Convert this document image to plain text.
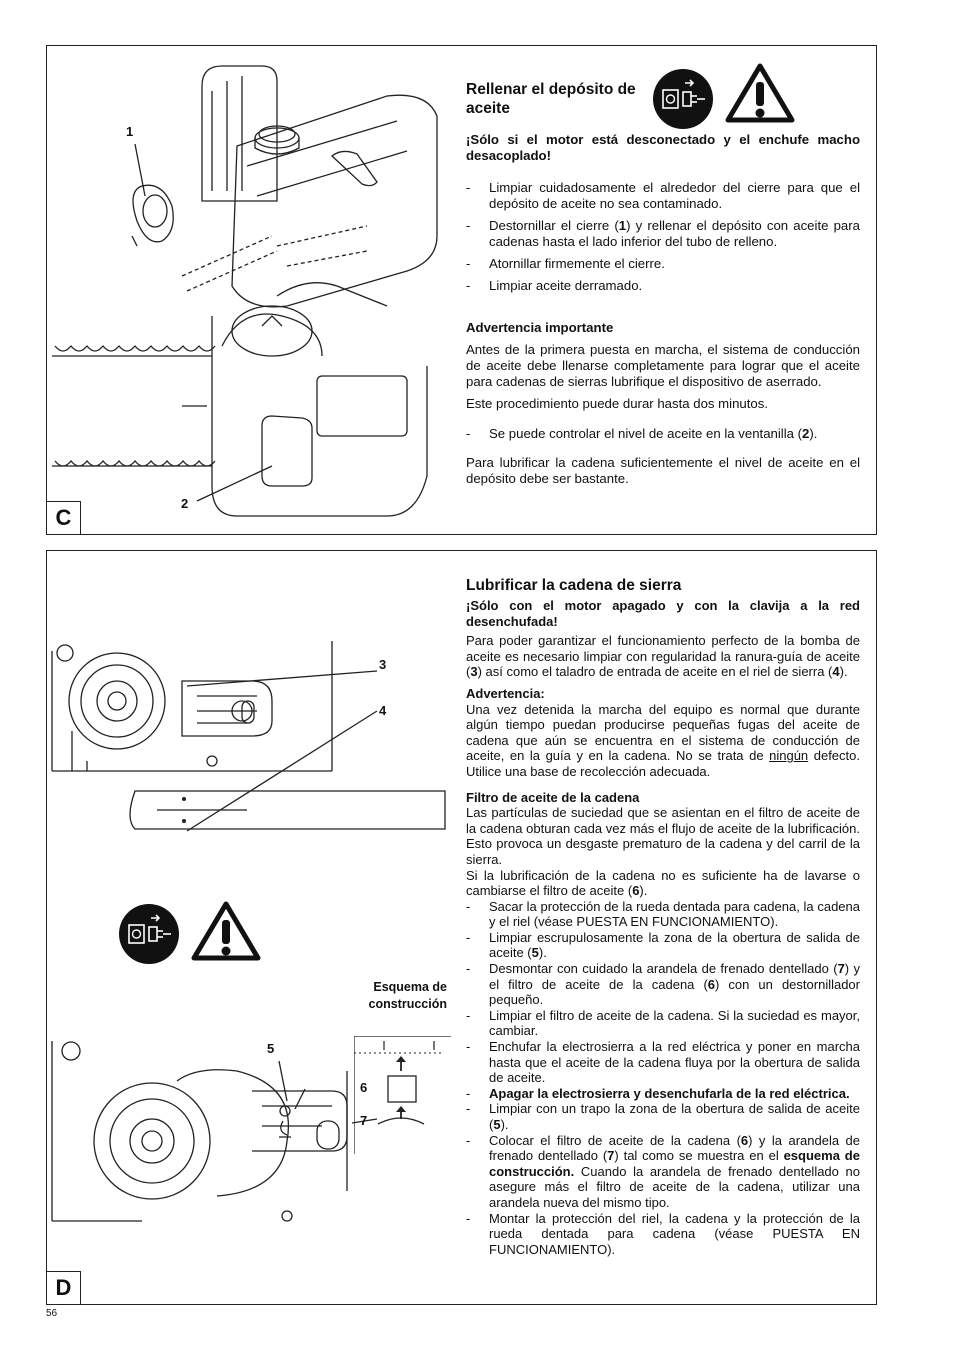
1
2

Rellenar el depósito de aceite

¡Sólo si el motor está desconectado y el enchufe macho desacoplado!

- Limpiar cuidadosamente el alrededor del cierre para que el depósito de aceite no sea contaminado.
- Destornillar el cierre (1) y rellenar el depósito con aceite para cadenas hasta el lado inferior del tubo de relleno.
- Atornillar firmemente el cierre.
- Limpiar aceite derramado.

Advertencia importante

Antes de la primera puesta en marcha, el sistema de conducción de aceite debe llenarse completamente para lograr que el aceite para cadenas de sierras lubrifique el dispositivo de aserrado.

Este procedimiento puede durar hasta dos minutos.

- Se puede controlar el nivel de aceite en la ventanilla (2).

Para lubrificar la cadena suficientemente el nivel de aceite en el depósito debe ser bastante.

C
3
4
Esquema de construcción
5
6
7

Lubrificar la cadena de sierra

¡Sólo con el motor apagado y con la clavija a la red desenchufada!

Para poder garantizar el funcionamiento perfecto de la bomba de aceite es necesario limpiar con regularidad la ranura-guía de aceite (3) así como el taladro de entrada de aceite en el riel de sierra (4).

Advertencia:

Una vez detenida la marcha del equipo es normal que durante algún tiempo puedan producirse pequeñas fugas del aceite de cadena que aún se encuentra en el sistema de conducción de aceite, en la guía y en la cadena. No se trata de ningún defecto. Utilice una base de recolección adecuada.

Filtro de aceite de la cadena

Las partículas de suciedad que se asientan en el filtro de aceite de la cadena obturan cada vez más el flujo de aceite de la lubrificación. Esto provoca un desgaste prematuro de la cadena y del carril de la sierra.

Si la lubrificación de la cadena no es suficiente ha de lavarse o cambiarse el filtro de aceite (6).

- Sacar la protección de la rueda dentada para cadena, la cadena y el riel (véase PUESTA EN FUNCIONAMIENTO).
- Limpiar escrupulosamente la zona de la obertura de salida de aceite (5).
- Desmontar con cuidado la arandela de frenado dentellado (7) y el filtro de aceite de la cadena (6) con un destornillador pequeño.
- Limpiar el filtro de aceite de la cadena. Si la suciedad es mayor, cambiar.
- Enchufar la electrosierra a la red eléctrica y poner en marcha hasta que el aceite de la cadena fluya por la obertura de salida de aceite.
- Apagar la electrosierra y desenchufarla de la red eléctrica.
- Limpiar con un trapo la zona de la obertura de salida de aceite (5).
- Colocar el filtro de aceite de la cadena (6) y la arandela de frenado dentellado (7) tal como se muestra en el esquema de construcción. Cuando la arandela de frenado dentellado no asegure más el filtro de aceite de la cadena, utilizar una arandela nueva del mismo tipo.
- Montar la protección del riel, la cadena y la protección de la rueda dentada para cadena (véase PUESTA EN FUNCIONAMIENTO).
D
56
